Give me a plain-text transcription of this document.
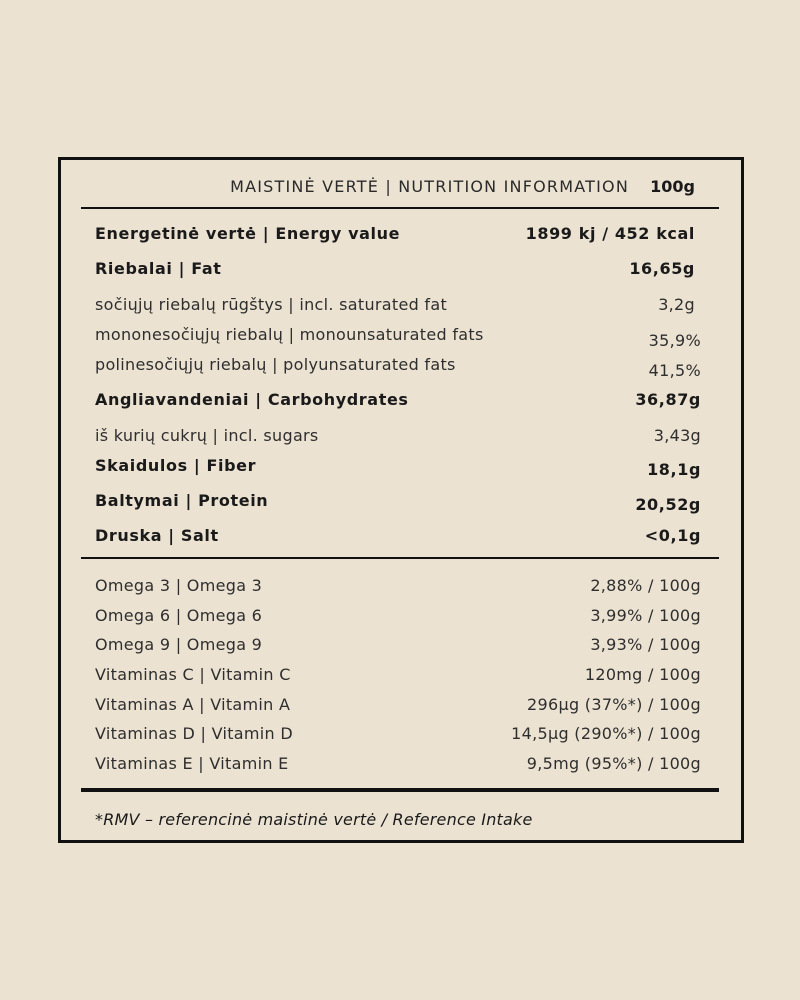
MAISTINĖ VERTĖ | NUTRITION INFORMATION 100g
Energetinė vertė | Energy value	1899 kj / 452 kcal
Riebalai | Fat	16,65g
sočiųjų riebalų rūgštys | incl. saturated fat	3,2g
mononesočiųjų riebalų | monounsaturated fats	35,9%
polinesočiųjų riebalų | polyunsaturated fats	41,5%
Angliavandeniai | Carbohydrates	36,87g
iš kurių cukrų | incl. sugars	3,43g
Skaidulos | Fiber	18,1g
Baltymai | Protein	20,52g
Druska | Salt	<0,1g
Omega 3 | Omega 3	2,88% / 100g
Omega 6 | Omega 6	3,99% / 100g
Omega 9 | Omega 9	3,93% / 100g
Vitaminas C | Vitamin C	120mg / 100g
Vitaminas A | Vitamin A	296µg (37%*) / 100g
Vitaminas D | Vitamin D	14,5µg (290%*) / 100g
Vitaminas E | Vitamin E	9,5mg (95%*) / 100g
*RMV – referencinė maistinė vertė / Reference Intake
